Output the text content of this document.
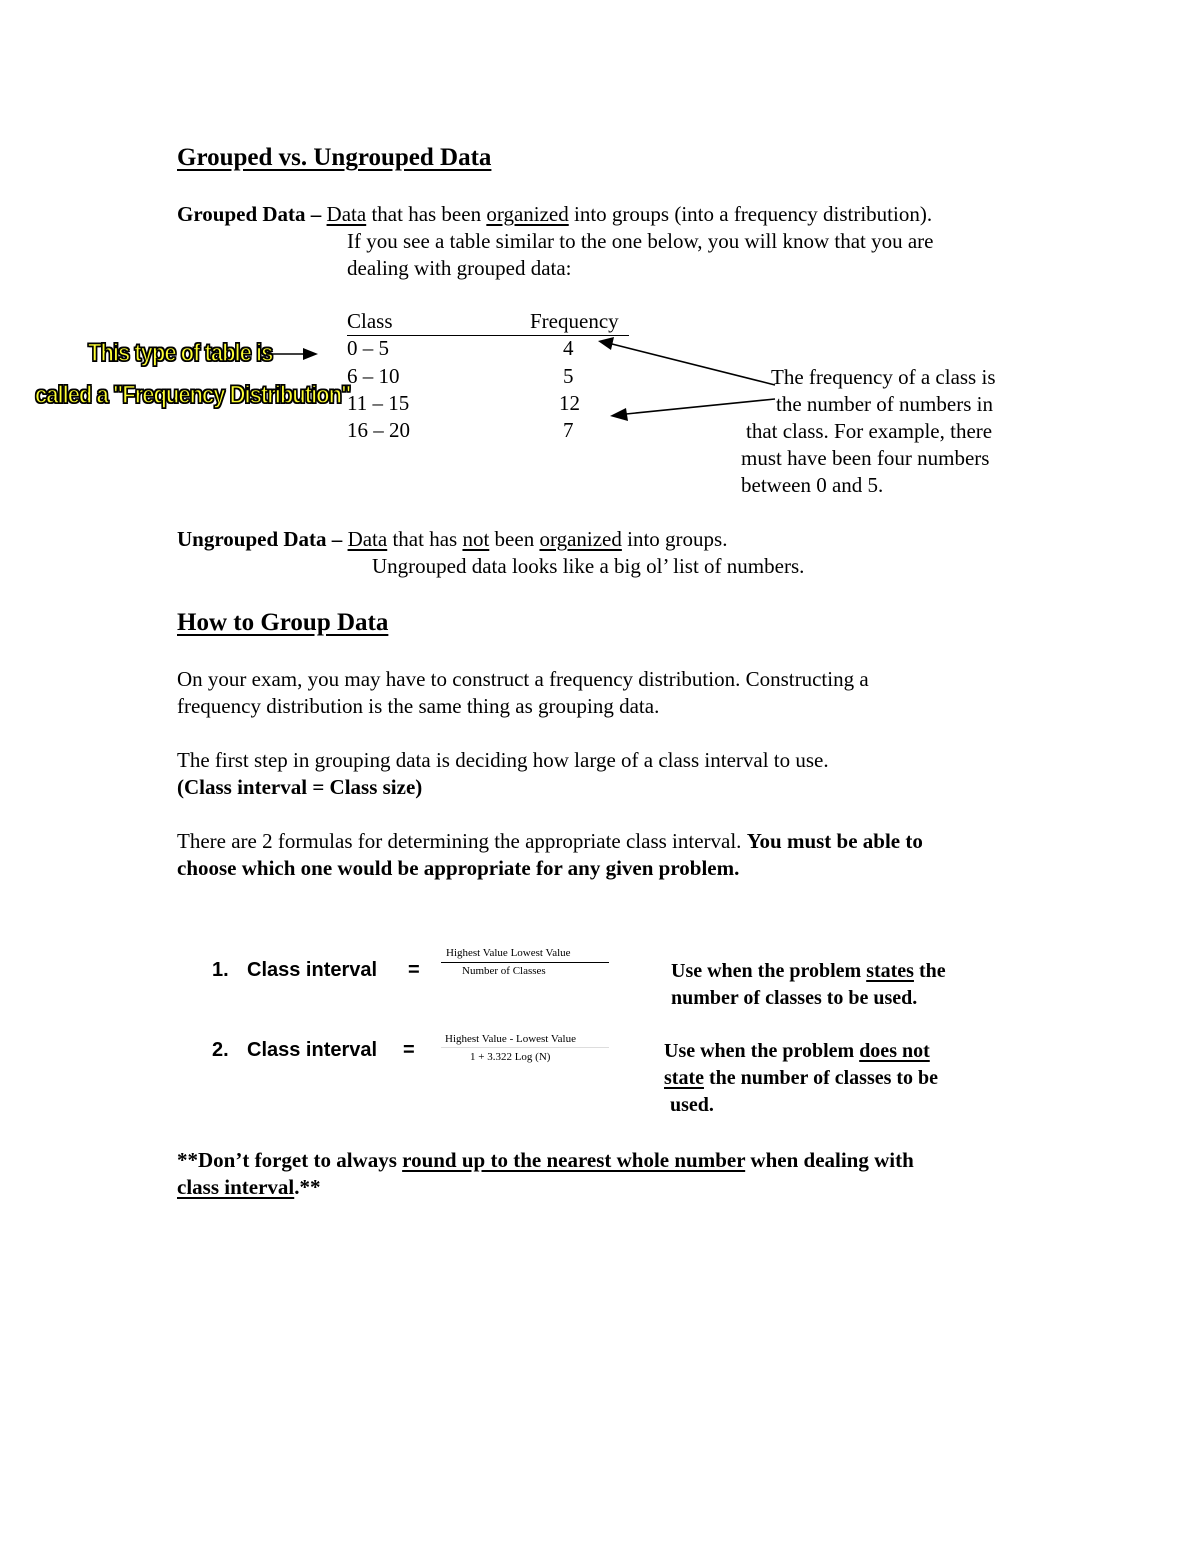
Grouped vs. Ungrouped Data
Grouped Data – Data that has been organized into groups (into a frequency distribution).
If you see a table similar to the one below, you will know that you are
dealing with grouped data:
Class	Frequency
0 – 5	4
6 – 10	5
11 – 15	12
16 – 20	7
This type of table is
called a "Frequency Distribution"
The frequency of a class is
the number of numbers in
that class. For example, there
must have been four numbers
between 0 and 5.
Ungrouped Data – Data that has not been organized into groups.
Ungrouped data looks like a big ol’ list of numbers.
How to Group Data
On your exam, you may have to construct a frequency distribution. Constructing a
frequency distribution is the same thing as grouping data.
The first step in grouping data is deciding how large of a class interval to use.
(Class interval = Class size)
There are 2 formulas for determining the appropriate class interval. You must be able to
choose which one would be appropriate for any given problem.
1. Class interval =
Highest Value Lowest Value
Number of Classes	Use when the problem states the
number of classes to be used.
2. Class interval =	Highest Value - Lowest Value
1 + 3.322 Log (N)	Use when the problem does not
state the number of classes to be
used.
**Don’t forget to always round up to the nearest whole number when dealing with
class interval.**
